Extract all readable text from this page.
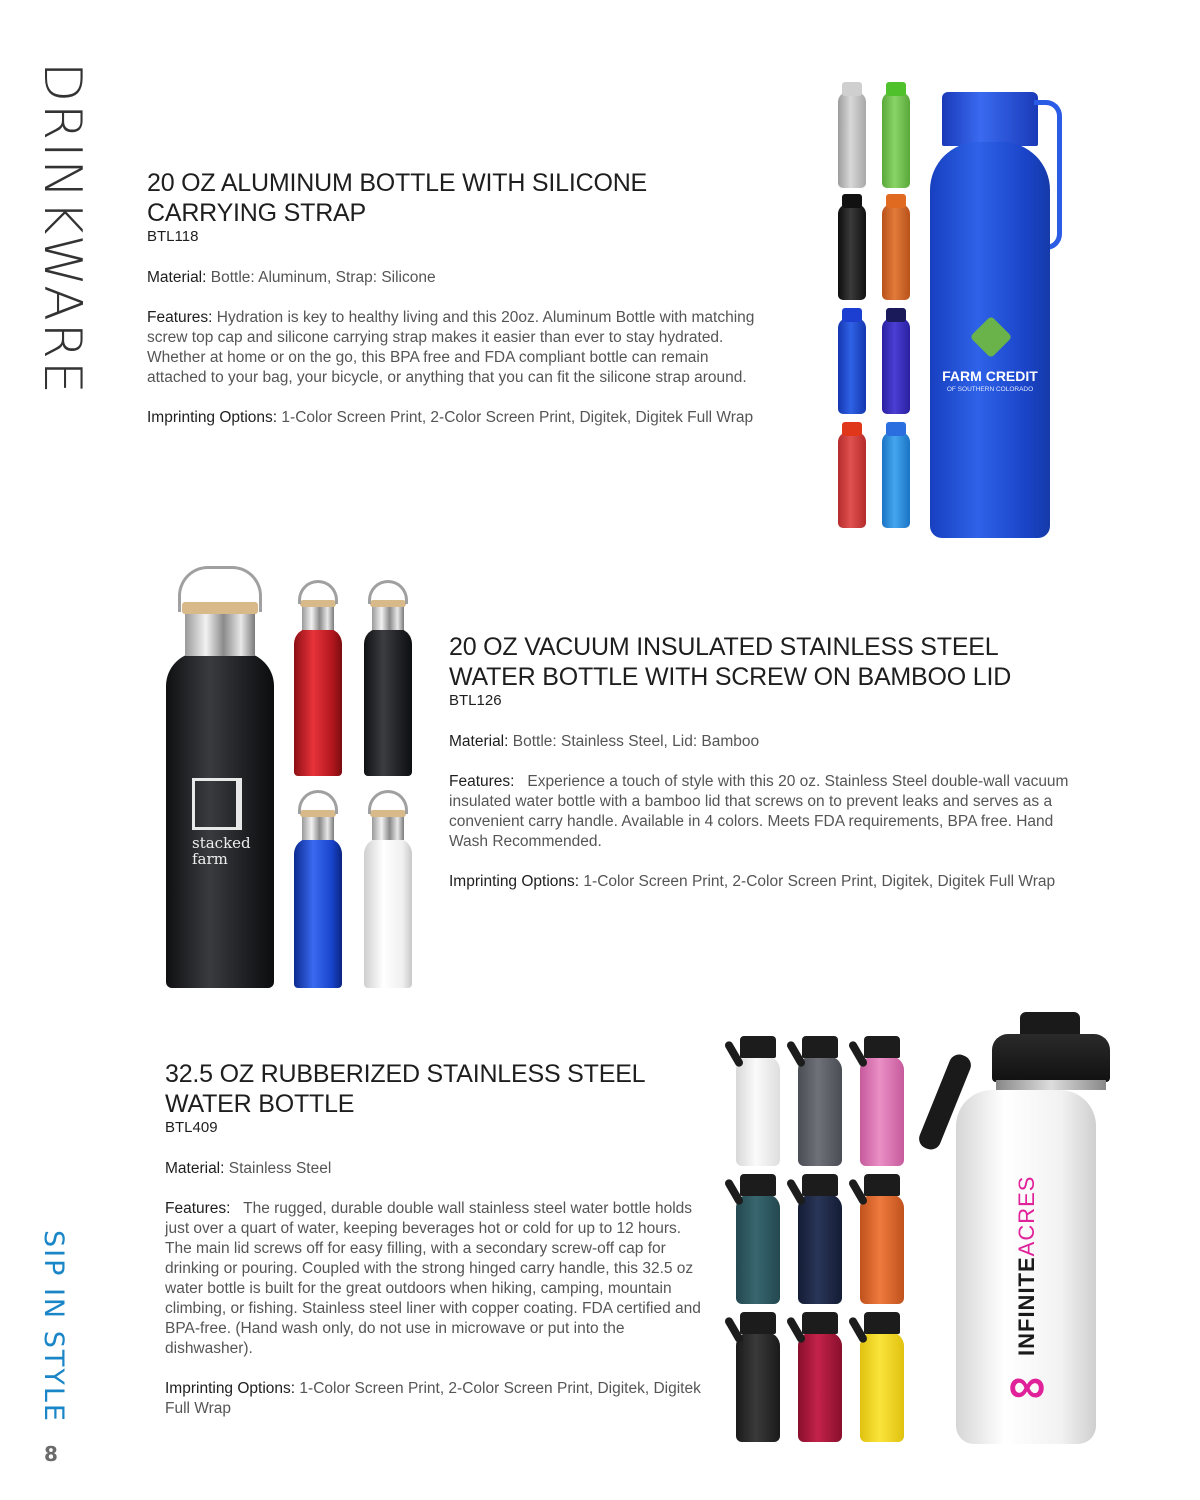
DRINKWARE
SIP IN STYLE
8
20 OZ ALUMINUM BOTTLE WITH SILICONE CARRYING STRAP
BTL118

Material: Bottle: Aluminum, Strap: Silicone

Features: Hydration is key to healthy living and this 20oz. Aluminum Bottle with matching screw top cap and silicone carrying strap makes it easier than ever to stay hydrated. Whether at home or on the go, this BPA free and FDA compliant bottle can remain attached to your bag, your bicycle, or anything that you can fit the silicone strap around.

Imprinting Options: 1-Color Screen Print, 2-Color Screen Print, Digitek, Digitek Full Wrap

FARM CREDIT
OF SOUTHERN COLORADO
stacked
farm
20 OZ VACUUM INSULATED STAINLESS STEEL WATER BOTTLE WITH SCREW ON BAMBOO LID
BTL126

Material: Bottle: Stainless Steel, Lid: Bamboo

Features: Experience a touch of style with this 20 oz. Stainless Steel double-wall vacuum insulated water bottle with a bamboo lid that screws on to prevent leaks and serves as a convenient carry handle. Available in 4 colors. Meets FDA requirements, BPA free. Hand Wash Recommended.

Imprinting Options: 1-Color Screen Print, 2-Color Screen Print, Digitek, Digitek Full Wrap

32.5 OZ RUBBERIZED STAINLESS STEEL WATER BOTTLE
BTL409

Material: Stainless Steel

Features: The rugged, durable double wall stainless steel water bottle holds just over a quart of water, keeping beverages hot or cold for up to 12 hours. The main lid screws off for easy filling, with a secondary screw-off cap for drinking or pouring. Coupled with the strong hinged carry handle, this 32.5 oz water bottle is built for the great outdoors when hiking, camping, mountain climbing, or fishing. Stainless steel liner with copper coating. FDA certified and BPA-free. (Hand wash only, do not use in microwave or put into the dishwasher).

Imprinting Options: 1-Color Screen Print, 2-Color Screen Print, Digitek, Digitek Full Wrap	∞
INFINITEACRES
